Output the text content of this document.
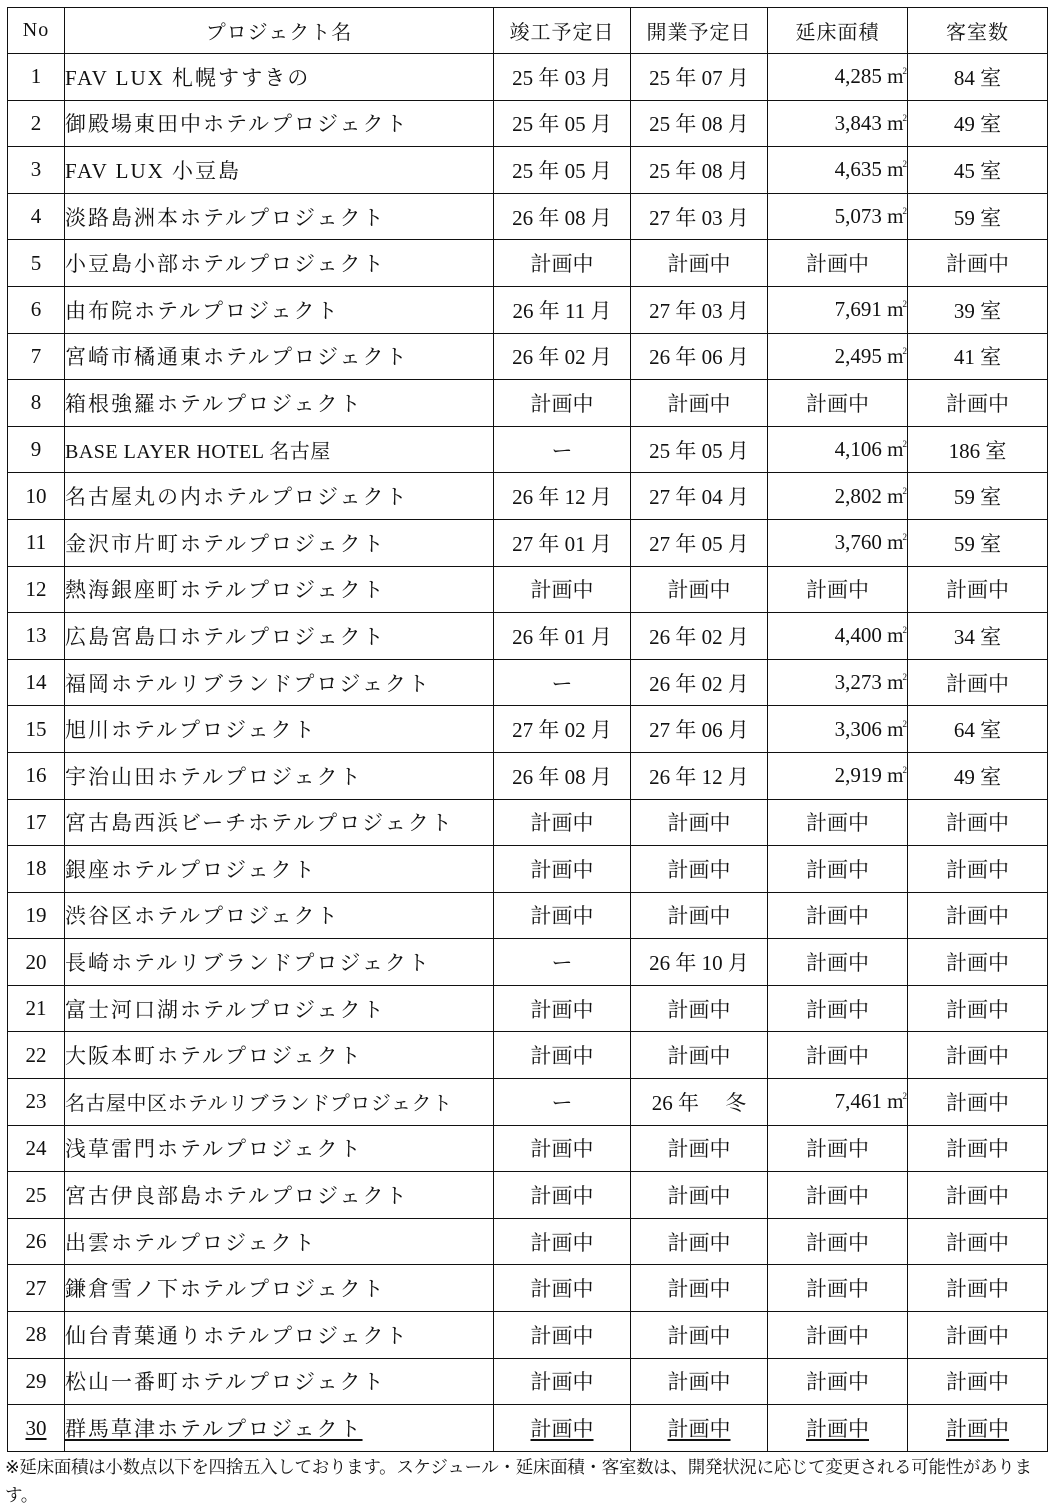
No	プロジェクト名	竣工予定日	開業予定日	延床面積	客室数
1	FAV LUX 札幌すすきの	25 年 03 月	25 年 07 月	4,285 $m^2$	84 室
2	御殿場東田中ホテルプロジェクト	25 年 05 月	25 年 08 月	3,843 $m^2$	49 室
3	FAV LUX 小豆島	25 年 05 月	25 年 08 月	4,635 $m^2$	45 室
4	淡路島洲本ホテルプロジェクト	26 年 08 月	27 年 03 月	5,073 $m^2$	59 室
5	小豆島小部ホテルプロジェクト	計画中	計画中	計画中	計画中
6	由布院ホテルプロジェクト	26 年 11 月	27 年 03 月	7,691 $m^2$	39 室
7	宮崎市橘通東ホテルプロジェクト	26 年 02 月	26 年 06 月	2,495 $m^2$	41 室
8	箱根強羅ホテルプロジェクト	計画中	計画中	計画中	計画中
9	BASE LAYER HOTEL 名古屋	ー	25 年 05 月	4,106 $m^2$	186 室
10	名古屋丸の内ホテルプロジェクト	26 年 12 月	27 年 04 月	2,802 $m^2$	59 室
11	金沢市片町ホテルプロジェクト	27 年 01 月	27 年 05 月	3,760 $m^2$	59 室
12	熱海銀座町ホテルプロジェクト	計画中	計画中	計画中	計画中
13	広島宮島口ホテルプロジェクト	26 年 01 月	26 年 02 月	4,400 $m^2$	34 室
14	福岡ホテルリブランドプロジェクト	ー	26 年 02 月	3,273 $m^2$	計画中
15	旭川ホテルプロジェクト	27 年 02 月	27 年 06 月	3,306 $m^2$	64 室
16	宇治山田ホテルプロジェクト	26 年 08 月	26 年 12 月	2,919 $m^2$	49 室
17	宮古島西浜ビーチホテルプロジェクト	計画中	計画中	計画中	計画中
18	銀座ホテルプロジェクト	計画中	計画中	計画中	計画中
19	渋谷区ホテルプロジェクト	計画中	計画中	計画中	計画中
20	長崎ホテルリブランドプロジェクト	ー	26 年 10 月	計画中	計画中
21	富士河口湖ホテルプロジェクト	計画中	計画中	計画中	計画中
22	大阪本町ホテルプロジェクト	計画中	計画中	計画中	計画中
23	名古屋中区ホテルリブランドプロジェクト	ー	26 年　 冬	7,461 $m^2$	計画中
24	浅草雷門ホテルプロジェクト	計画中	計画中	計画中	計画中
25	宮古伊良部島ホテルプロジェクト	計画中	計画中	計画中	計画中
26	出雲ホテルプロジェクト	計画中	計画中	計画中	計画中
27	鎌倉雪ノ下ホテルプロジェクト	計画中	計画中	計画中	計画中
28	仙台青葉通りホテルプロジェクト	計画中	計画中	計画中	計画中
29	松山一番町ホテルプロジェクト	計画中	計画中	計画中	計画中
30	群馬草津ホテルプロジェクト	計画中	計画中	計画中	計画中
※延床面積は小数点以下を四捨五入しております。スケジュール・延床面積・客室数は、開発状況に応じて変更される可能性があります。
